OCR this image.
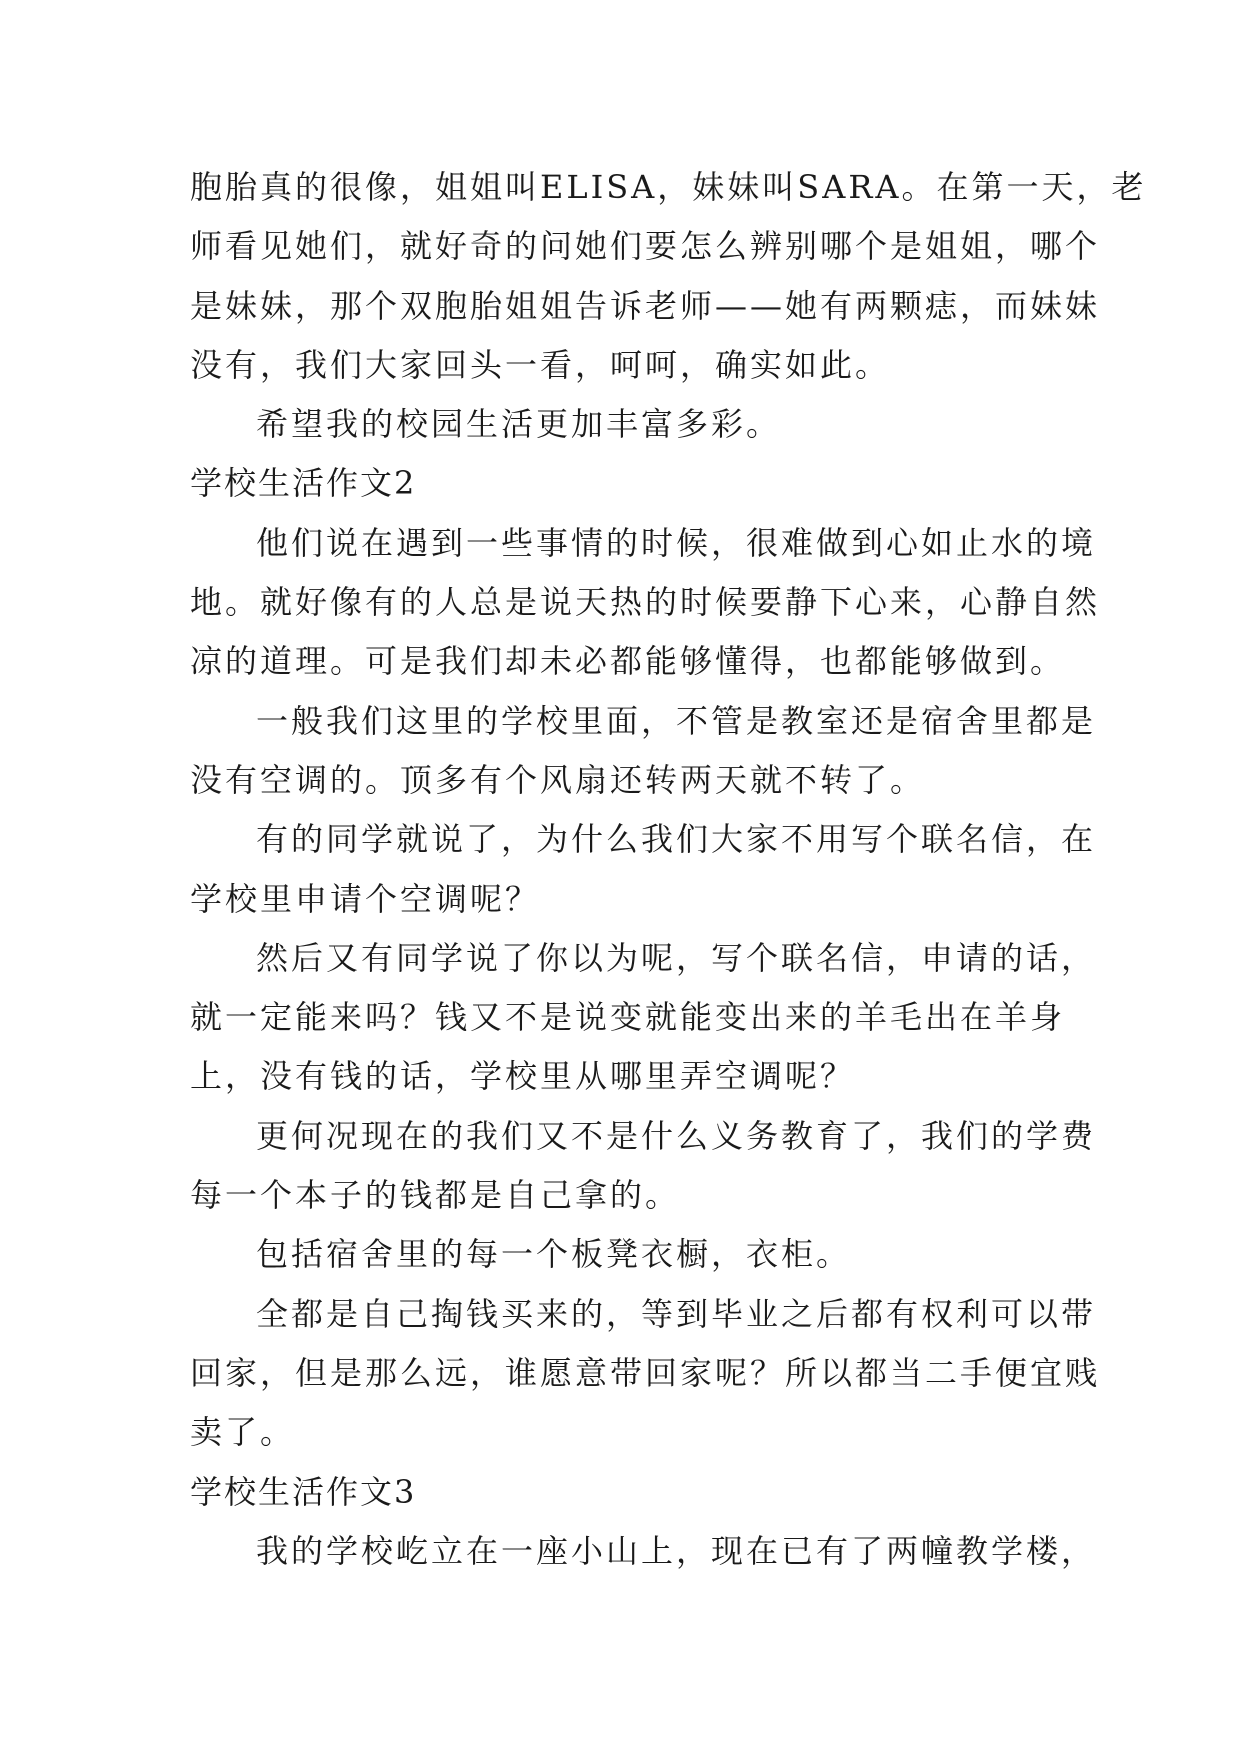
胞胎真的很像，姐姐叫ELISA，妹妹叫SARA。在第一天，老
师看见她们，就好奇的问她们要怎么辨别哪个是姐姐，哪个
是妹妹，那个双胞胎姐姐告诉老师——她有两颗痣，而妹妹
没有，我们大家回头一看，呵呵，确实如此。
希望我的校园生活更加丰富多彩。
学校生活作文2
他们说在遇到一些事情的时候，很难做到心如止水的境
地。就好像有的人总是说天热的时候要静下心来，心静自然
凉的道理。可是我们却未必都能够懂得，也都能够做到。
一般我们这里的学校里面，不管是教室还是宿舍里都是
没有空调的。顶多有个风扇还转两天就不转了。
有的同学就说了，为什么我们大家不用写个联名信，在
学校里申请个空调呢？
然后又有同学说了你以为呢，写个联名信，申请的话，
就一定能来吗？钱又不是说变就能变出来的羊毛出在羊身
上，没有钱的话，学校里从哪里弄空调呢？
更何况现在的我们又不是什么义务教育了，我们的学费
每一个本子的钱都是自己拿的。
包括宿舍里的每一个板凳衣橱，衣柜。
全都是自己掏钱买来的，等到毕业之后都有权利可以带
回家，但是那么远，谁愿意带回家呢？所以都当二手便宜贱
卖了。
学校生活作文3
我的学校屹立在一座小山上，现在已有了两幢教学楼，
